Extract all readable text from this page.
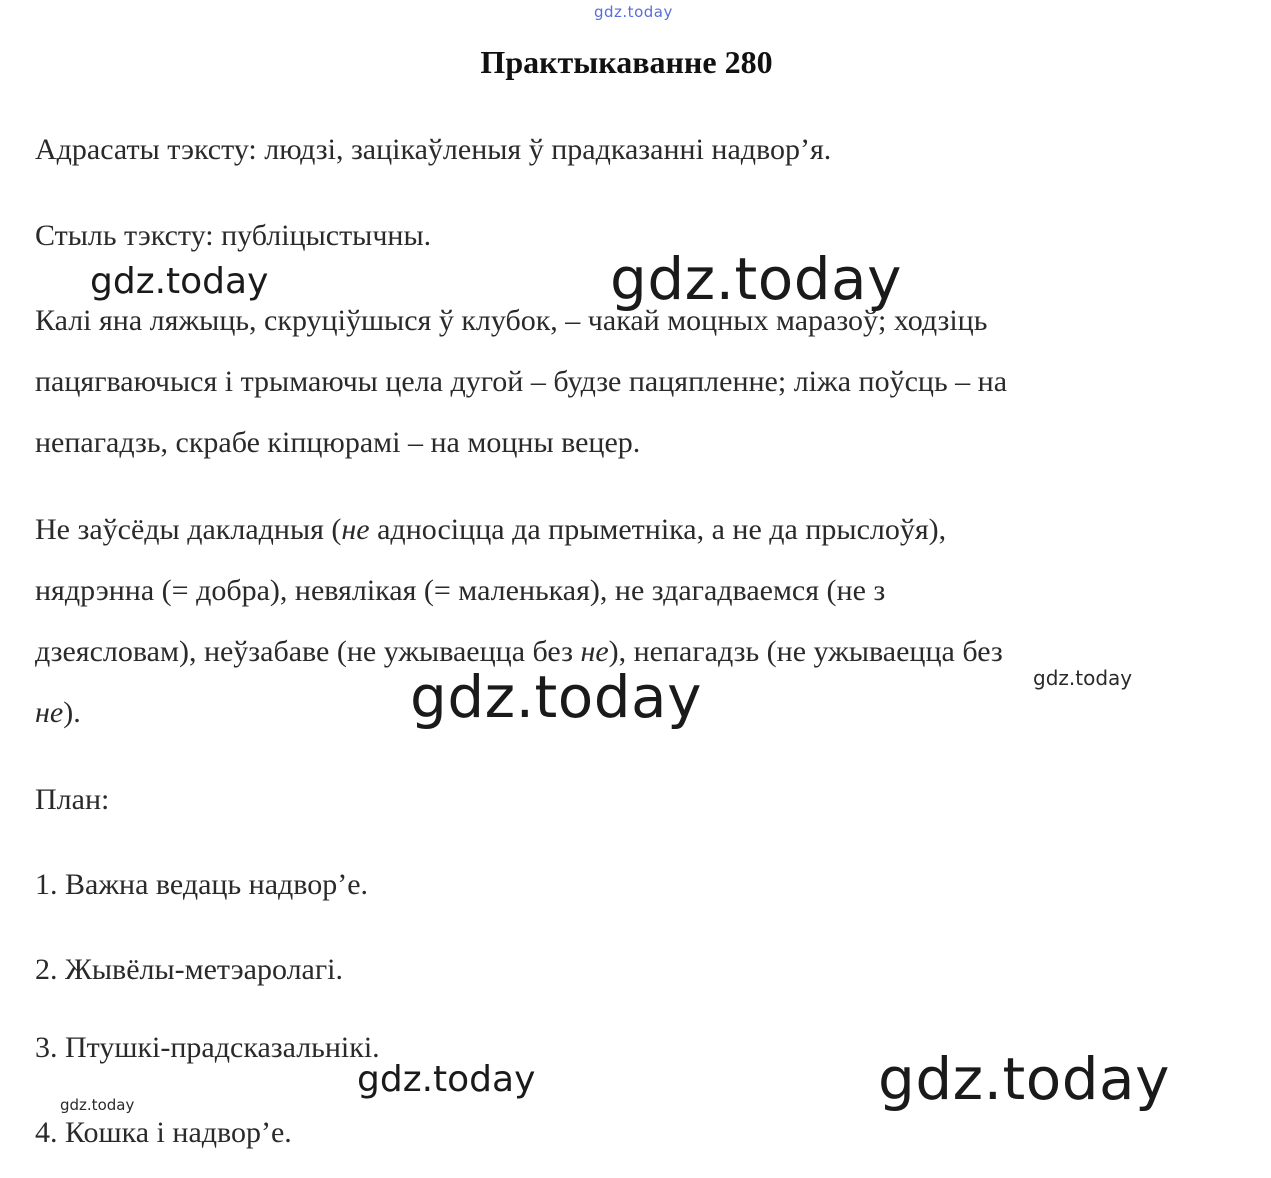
gdz.today
Практыкаванне 280
Адрасаты тэксту: людзі, зацікаўленыя ў прадказанні надвор’я.
Стыль тэксту: публіцыстычны.
Калі яна ляжыць, скруціўшыся ў клубок, – чакай моцных маразоў; ходзіць
пацягваючыся і трымаючы цела дугой – будзе пацяпленне; ліжа поўсць – на
непагадзь, скрабе кіпцюрамі – на моцны вецер.
Не заўсёды дакладныя (не адносіцца да прыметніка, а не да прыслоўя),
нядрэнна (= добра), невялікая (= маленькая), не здагадваемся (не з
дзеясловам), неўзабаве (не ужываецца без не), непагадзь (не ужываецца без
не).
План:
1. Важна ведаць надвор’е.
2. Жывёлы-метэаролагі.
3. Птушкі-прадсказальнікі.
4. Кошка і надвор’е.
gdz.today	gdz.today
gdz.today	gdz.today
gdz.today	gdz.today
gdz.today
